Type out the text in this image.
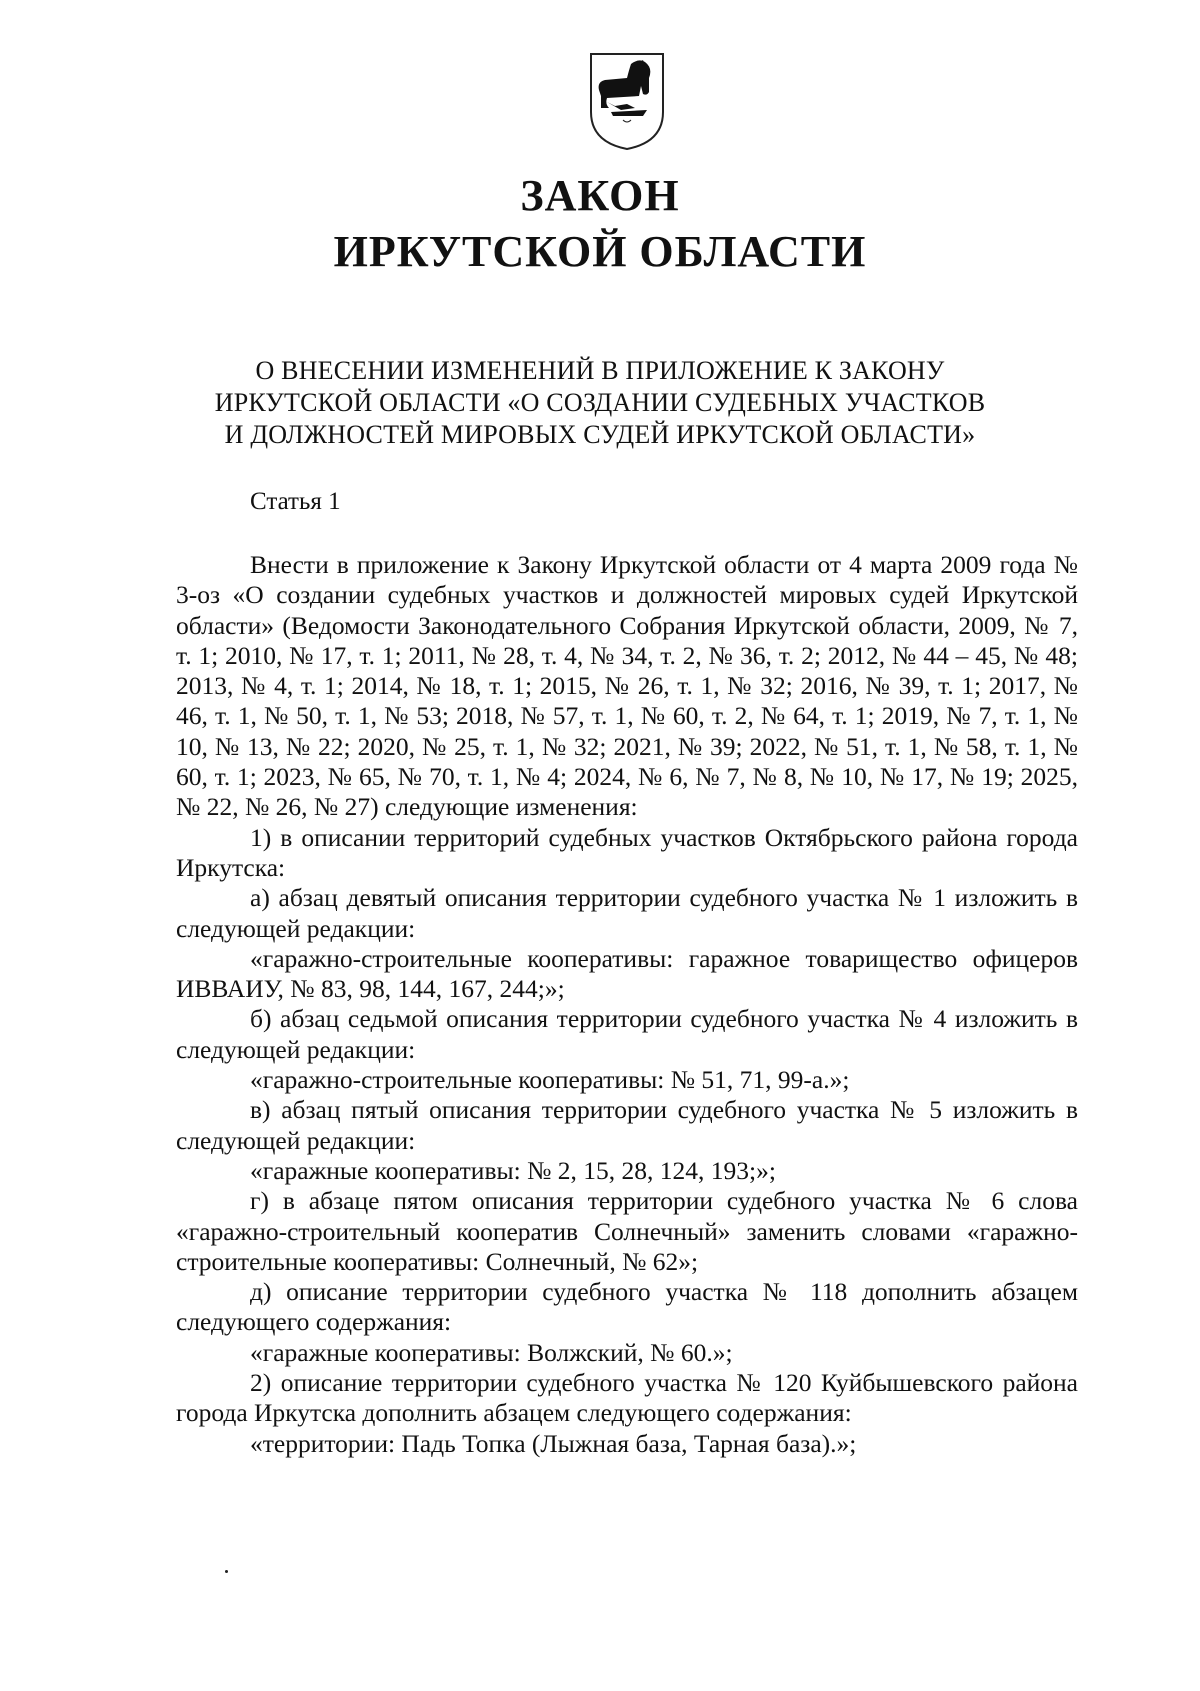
ЗАКОН
ИРКУТСКОЙ ОБЛАСТИ
О ВНЕСЕНИИ ИЗМЕНЕНИЙ В ПРИЛОЖЕНИЕ К ЗАКОНУ
ИРКУТСКОЙ ОБЛАСТИ «О СОЗДАНИИ СУДЕБНЫХ УЧАСТКОВ
И ДОЛЖНОСТЕЙ МИРОВЫХ СУДЕЙ ИРКУТСКОЙ ОБЛАСТИ»
Статья 1

Внести в приложение к Закону Иркутской области от 4 марта 2009 года № 3-оз «О создании судебных участков и должностей мировых судей Иркутской области» (Ведомости Законодательного Собрания Иркутской области, 2009, № 7, т. 1; 2010, № 17, т. 1; 2011, № 28, т. 4, № 34, т. 2, № 36, т. 2; 2012, № 44 – 45, № 48; 2013, № 4, т. 1; 2014, № 18, т. 1; 2015, № 26, т. 1, № 32; 2016, № 39, т. 1; 2017, № 46, т. 1, № 50, т. 1, № 53; 2018, № 57, т. 1, № 60, т. 2, № 64, т. 1; 2019, № 7, т. 1, № 10, № 13, № 22; 2020, № 25, т. 1, № 32; 2021, № 39; 2022, № 51, т. 1, № 58, т. 1, № 60, т. 1; 2023, № 65, № 70, т. 1, № 4; 2024, № 6, № 7, № 8, № 10, № 17, № 19; 2025, № 22, № 26, № 27) следующие изменения:

1) в описании территорий судебных участков Октябрьского района города Иркутска:

а) абзац девятый описания территории судебного участка № 1 изложить в следующей редакции:

«гаражно-строительные кооперативы: гаражное товарищество офицеров ИВВАИУ, № 83, 98, 144, 167, 244;»;

б) абзац седьмой описания территории судебного участка № 4 изложить в следующей редакции:

«гаражно-строительные кооперативы: № 51, 71, 99-а.»;

в) абзац пятый описания территории судебного участка № 5 изложить в следующей редакции:

«гаражные кооперативы: № 2, 15, 28, 124, 193;»;

г) в абзаце пятом описания территории судебного участка № 6 слова «гаражно-строительный кооператив Солнечный» заменить словами «гаражно-строительные кооперативы: Солнечный, № 62»;

д) описание территории судебного участка № 118 дополнить абзацем следующего содержания:

«гаражные кооперативы: Волжский, № 60.»;

2) описание территории судебного участка № 120 Куйбышевского района города Иркутска дополнить абзацем следующего содержания:

«территории: Падь Топка (Лыжная база, Тарная база).»;
